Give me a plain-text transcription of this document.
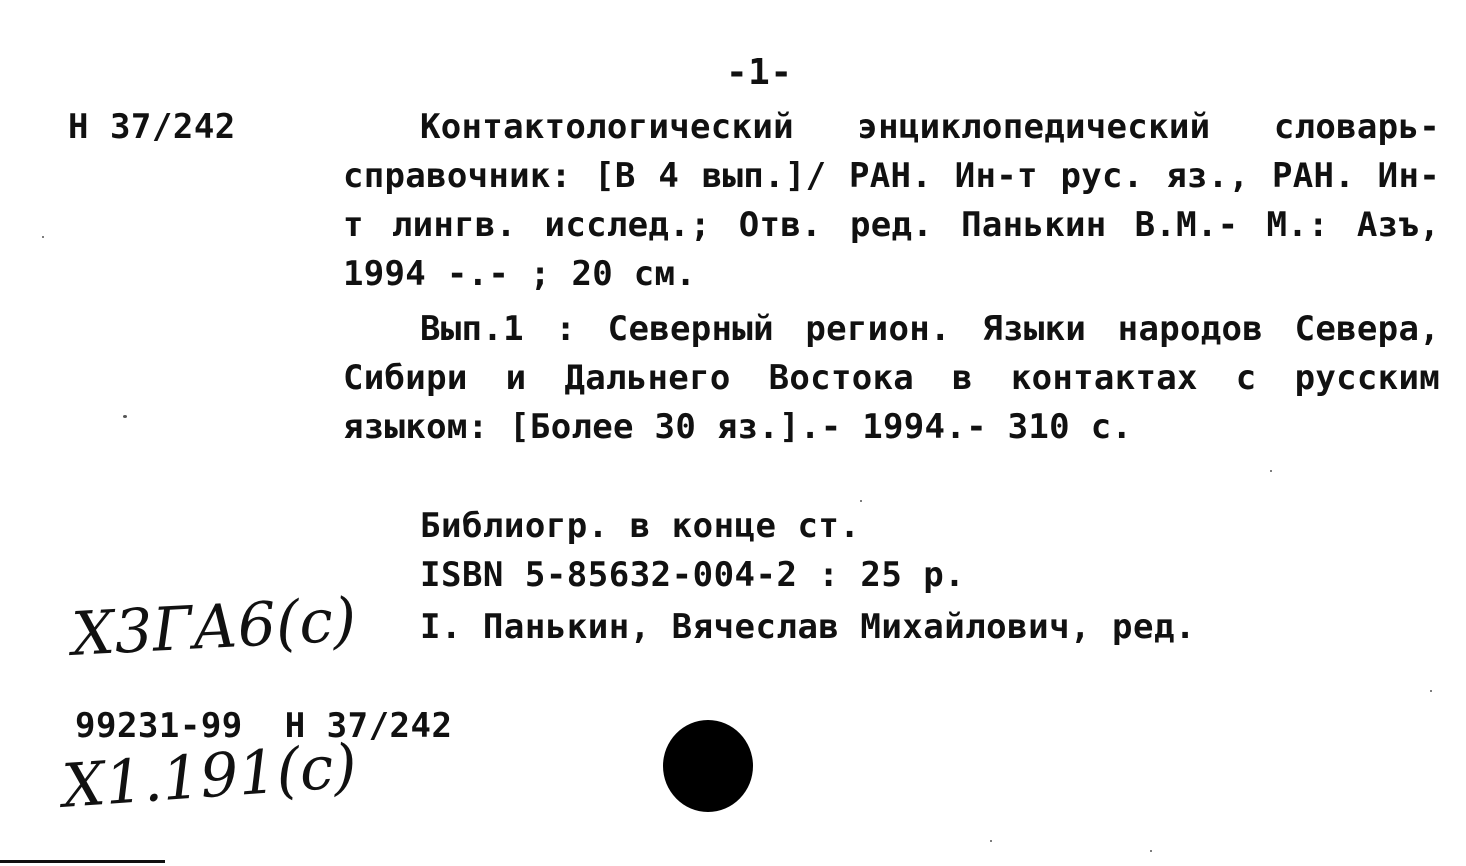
-1-
Н 37/242	Контактологический энциклопедический словарь-справочник: [В 4 вып.]/ РАН. Ин-т рус. яз., РАН. Ин-т лингв. исслед.; Отв. ред. Панькин В.М.- М.: Азъ, 1994 -.- ; 20 см.
Вып.1 : Северный регион. Языки народов Севера, Сибири и Дальнего Востока в контактах с русским языком: [Более 30 яз.].- 1994.- 310 с.
Библиогр. в конце ст.
ISBN 5-85632-004-2 : 25 р.
I. Панькин, Вячеслав Михайлович, ред.
Х3ГА6(с)
99231-99  Н 37/242
Х1.191(с)
